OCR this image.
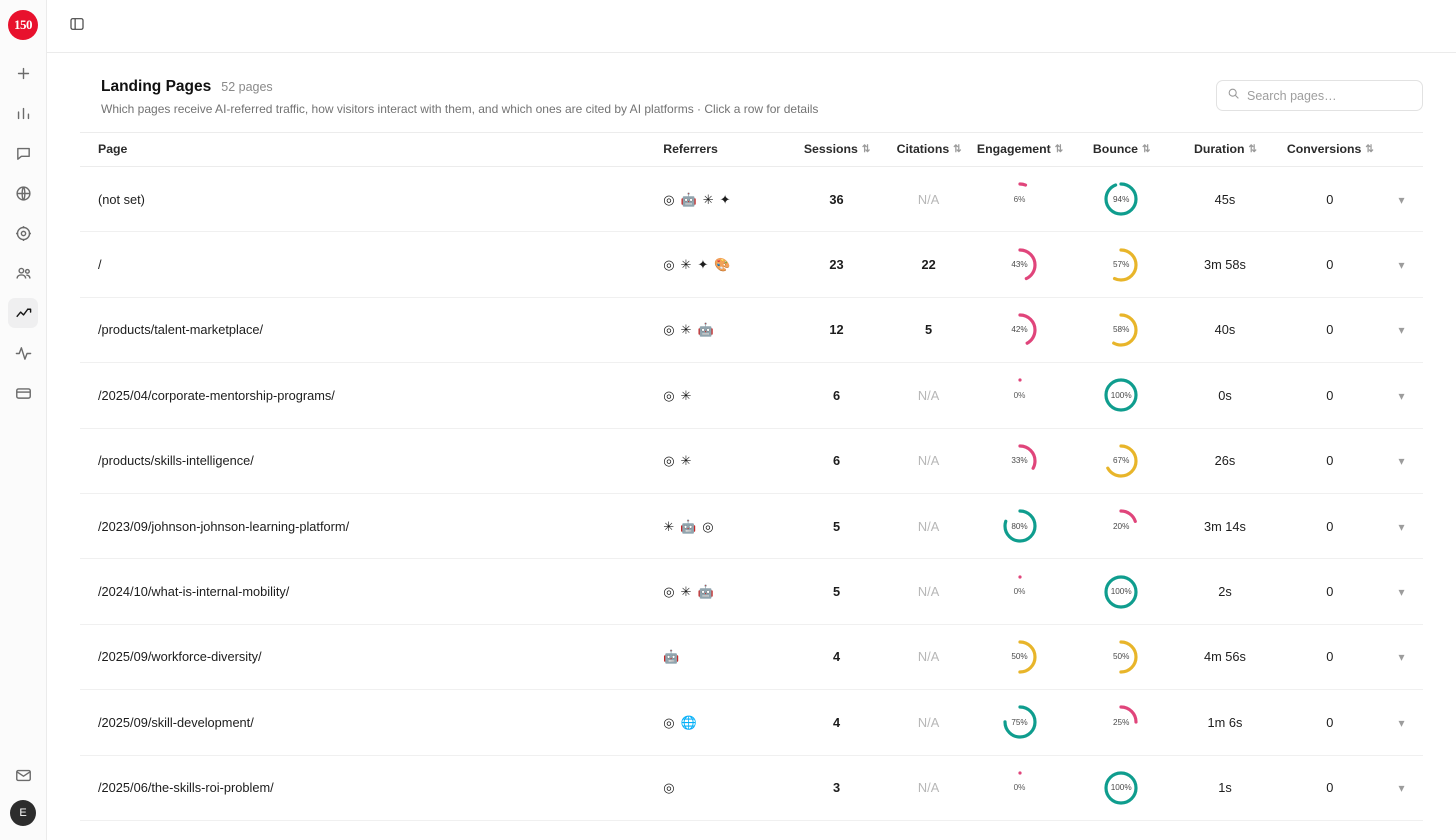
150
E
Landing Pages 52 pages
Which pages receive AI-referred traffic, how visitors interact with them, and which ones are cited by AI platforms · Click a row for details
Search pages…
Page	Referrers	Sessions ⇅	Citations ⇅	Engagement ⇅	Bounce ⇅	Duration ⇅	Conversions ⇅	

(not set)	◎ 🤖 ✳ ✦	36	N/A	6%	94%	45s	0	▾
/	◎ ✳ ✦ 🎨	23	22	43%	57%	3m 58s	0	▾
/products/talent-marketplace/	◎ ✳ 🤖	12	5	42%	58%	40s	0	▾
/2025/04/corporate-mentorship-programs/	◎ ✳	6	N/A	0%	100%	0s	0	▾
/products/skills-intelligence/	◎ ✳	6	N/A	33%	67%	26s	0	▾
/2023/09/johnson-johnson-learning-platform/	✳ 🤖 ◎	5	N/A	80%	20%	3m 14s	0	▾
/2024/10/what-is-internal-mobility/	◎ ✳ 🤖	5	N/A	0%	100%	2s	0	▾
/2025/09/workforce-diversity/	🤖	4	N/A	50%	50%	4m 56s	0	▾
/2025/09/skill-development/	◎ 🌐	4	N/A	75%	25%	1m 6s	0	▾
/2025/06/the-skills-roi-problem/	◎	3	N/A	0%	100%	1s	0	▾
